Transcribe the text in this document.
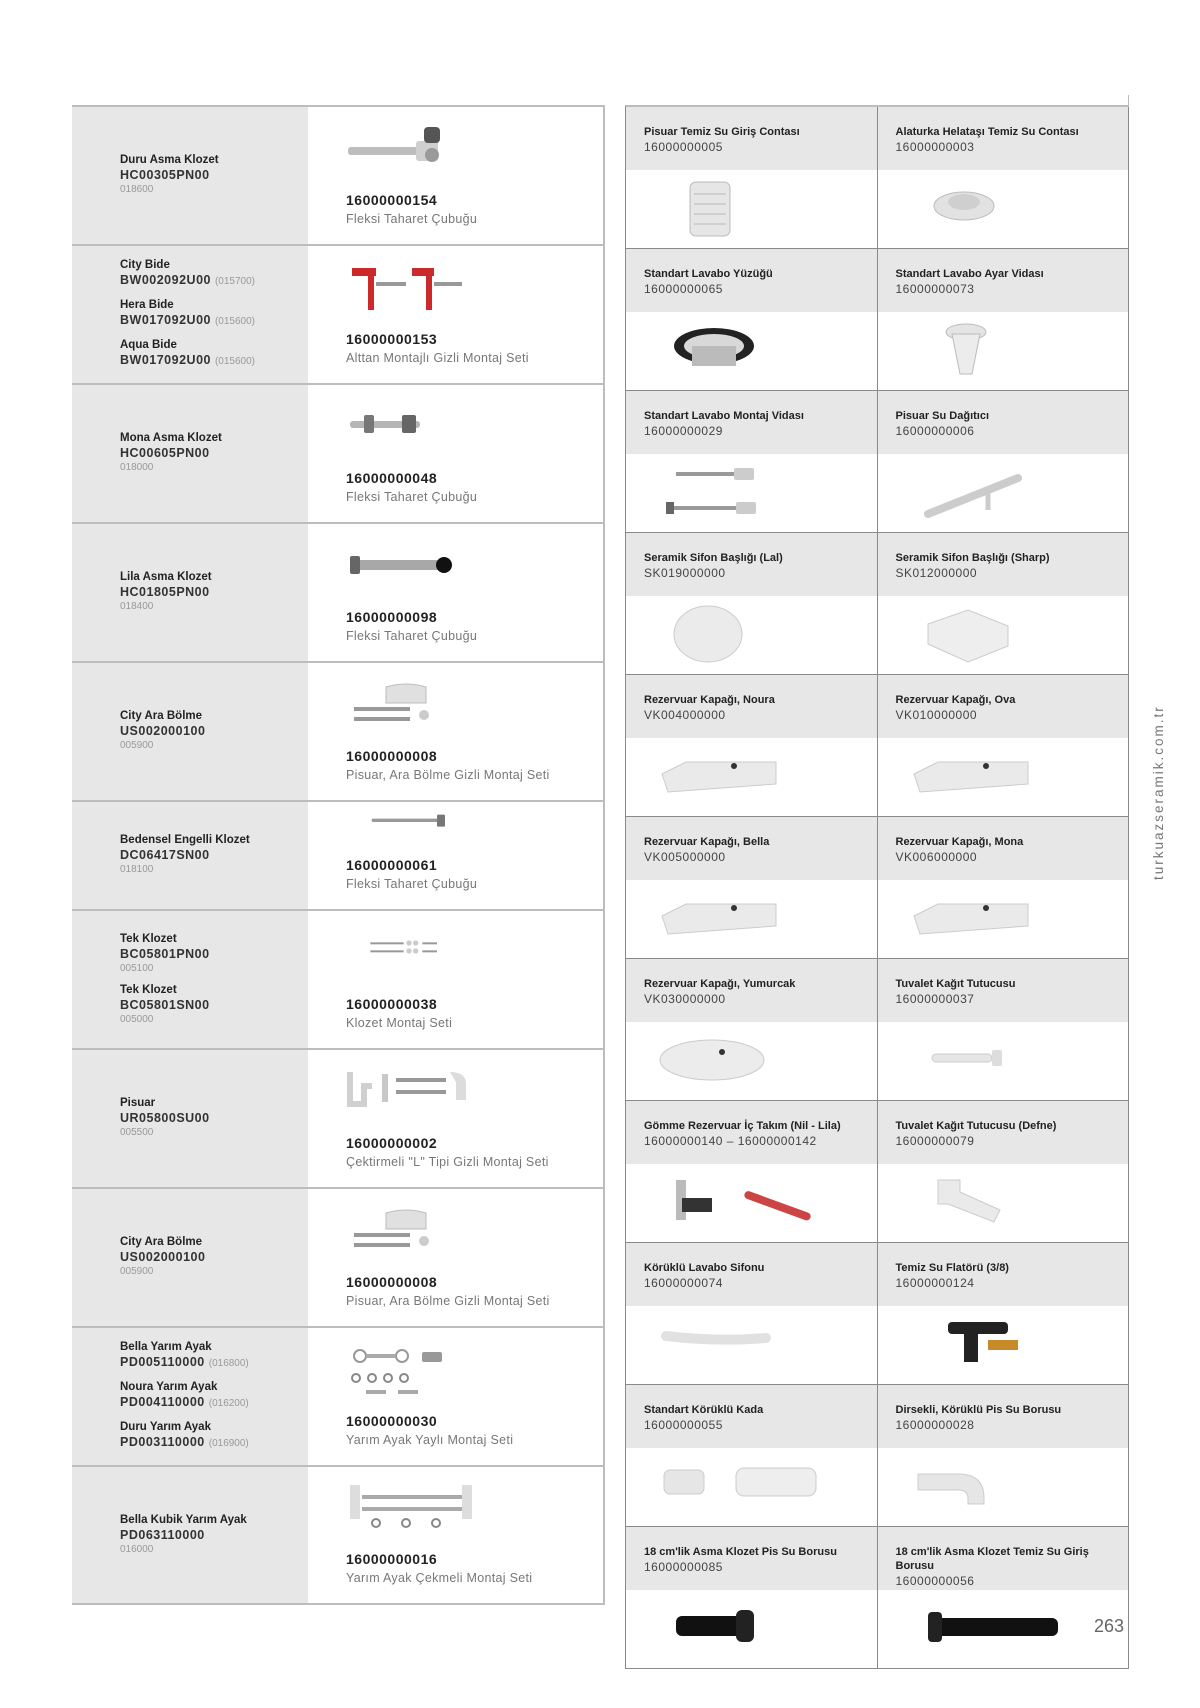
Duru Asma Klozet
HC00305PN00
018600
16000000154
Fleksi Taharet Çubuğu
City Bide
BW002092U00 (015700)
Hera Bide
BW017092U00 (015600)
Aqua Bide
BW017092U00 (015600)
16000000153
Alttan Montajlı Gizli Montaj Seti
Mona Asma Klozet
HC00605PN00
018000
16000000048
Fleksi Taharet Çubuğu
Lila Asma Klozet
HC01805PN00
018400
16000000098
Fleksi Taharet Çubuğu
City Ara Bölme
US002000100
005900
16000000008
Pisuar, Ara Bölme Gizli Montaj Seti
Bedensel Engelli Klozet
DC06417SN00
018100	16000000061
Fleksi Taharet Çubuğu
Tek Klozet
BC05801PN00
005100
Tek Klozet
BC05801SN00
005000
16000000038
Klozet Montaj Seti
Pisuar
UR05800SU00
005500
16000000002
Çektirmeli "L" Tipi Gizli Montaj Seti
City Ara Bölme
US002000100
005900
16000000008
Pisuar, Ara Bölme Gizli Montaj Seti
Bella Yarım Ayak
PD005110000 (016800)
Noura Yarım Ayak
PD004110000 (016200)
Duru Yarım Ayak
PD003110000 (016900)
16000000030
Yarım Ayak Yaylı Montaj Seti
Bella Kubik Yarım Ayak
PD063110000
016000
16000000016
Yarım Ayak Çekmeli Montaj Seti
Pisuar Temiz Su Giriş Contası
16000000005
Alaturka Helataşı Temiz Su Contası
16000000003
Standart Lavabo Yüzüğü
16000000065
Standart Lavabo Ayar Vidası
16000000073
Standart Lavabo Montaj Vidası
16000000029
Pisuar Su Dağıtıcı
16000000006
Seramik Sifon Başlığı (Lal)
SK019000000
Seramik Sifon Başlığı (Sharp)
SK012000000
Rezervuar Kapağı, Noura
VK004000000
Rezervuar Kapağı, Ova
VK010000000
Rezervuar Kapağı, Bella
VK005000000
Rezervuar Kapağı, Mona
VK006000000
Rezervuar Kapağı, Yumurcak
VK030000000
Tuvalet Kağıt Tutucusu
16000000037
Gömme Rezervuar İç Takım (Nil - Lila)
16000000140 – 16000000142
Tuvalet Kağıt Tutucusu (Defne)
16000000079
Körüklü Lavabo Sifonu
16000000074
Temiz Su Flatörü (3/8)
16000000124
Standart Körüklü Kada
16000000055
Dirsekli, Körüklü Pis Su Borusu
16000000028
18 cm'lik Asma Klozet Pis Su Borusu
16000000085
18 cm'lik Asma Klozet Temiz Su Giriş Borusu
16000000056
turkuazseramik.com.tr
263
